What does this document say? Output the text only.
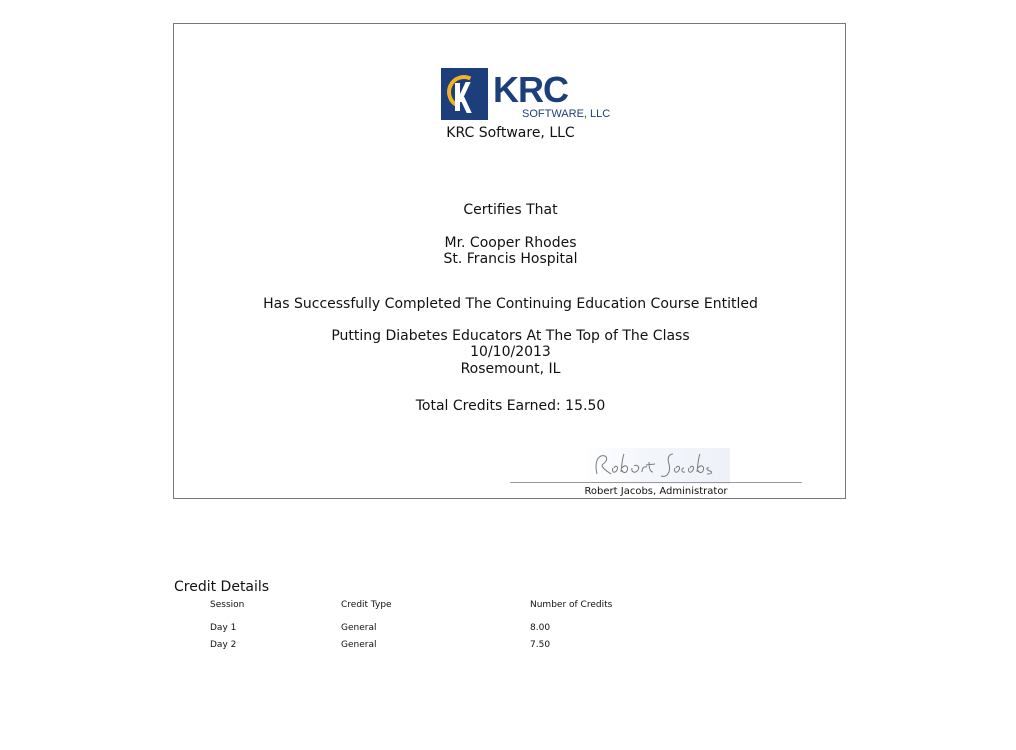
KRC
SOFTWARE, LLC
KRC Software, LLC
Certifies That
Mr. Cooper Rhodes
St. Francis Hospital
Has Successfully Completed The Continuing Education Course Entitled
Putting Diabetes Educators At The Top of The Class
10/10/2013
Rosemount, IL
Total Credits Earned: 15.50
Robert Jacobs, Administrator
Credit Details
Session	Credit Type	Number of Credits
Day 1	General	8.00
Day 2	General	7.50
